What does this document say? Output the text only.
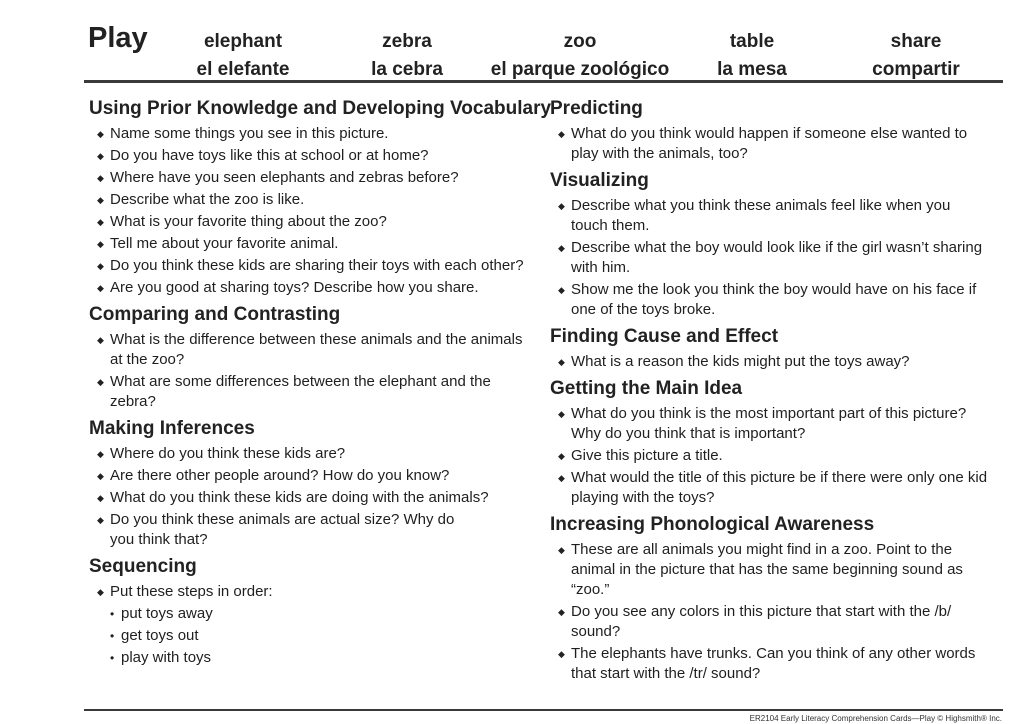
Play	elephant
el elefante
zebra
la cebra
zoo
el parque zoológico
table
la mesa
share
compartir
Using Prior Knowledge and Developing Vocabulary
◆ Name some things you see in this picture.
◆ Do you have toys like this at school or at home?
◆ Where have you seen elephants and zebras before?
◆ Describe what the zoo is like.
◆ What is your favorite thing about the zoo?
◆ Tell me about your favorite animal.
◆ Do you think these kids are sharing their toys with each other?
◆ Are you good at sharing toys? Describe how you share.
Comparing and Contrasting
◆ What is the difference between these animals and the animals at the zoo?
◆ What are some differences between the elephant and the zebra?
Making Inferences
◆ Where do you think these kids are?
◆ Are there other people around? How do you know?
◆ What do you think these kids are doing with the animals?
◆ Do you think these animals are actual size? Why do you think that?
Sequencing
◆ Put these steps in order:
• put toys away
• get toys out
• play with toys
Predicting
◆ What do you think would happen if someone else wanted to play with the animals, too?
Visualizing
◆ Describe what you think these animals feel like when you touch them.
◆ Describe what the boy would look like if the girl wasn’t sharing with him.
◆ Show me the look you think the boy would have on his face if one of the toys broke.
Finding Cause and Effect
◆ What is a reason the kids might put the toys away?
Getting the Main Idea
◆ What do you think is the most important part of this picture? Why do you think that is important?
◆ Give this picture a title.
◆ What would the title of this picture be if there were only one kid playing with the toys?
Increasing Phonological Awareness
◆ These are all animals you might find in a zoo. Point to the animal in the picture that has the same beginning sound as “zoo.”
◆ Do you see any colors in this picture that start with the /b/ sound?
◆ The elephants have trunks. Can you think of any other words that start with the /tr/ sound?
ER2104 Early Literacy Comprehension Cards—Play © Highsmith® Inc.
